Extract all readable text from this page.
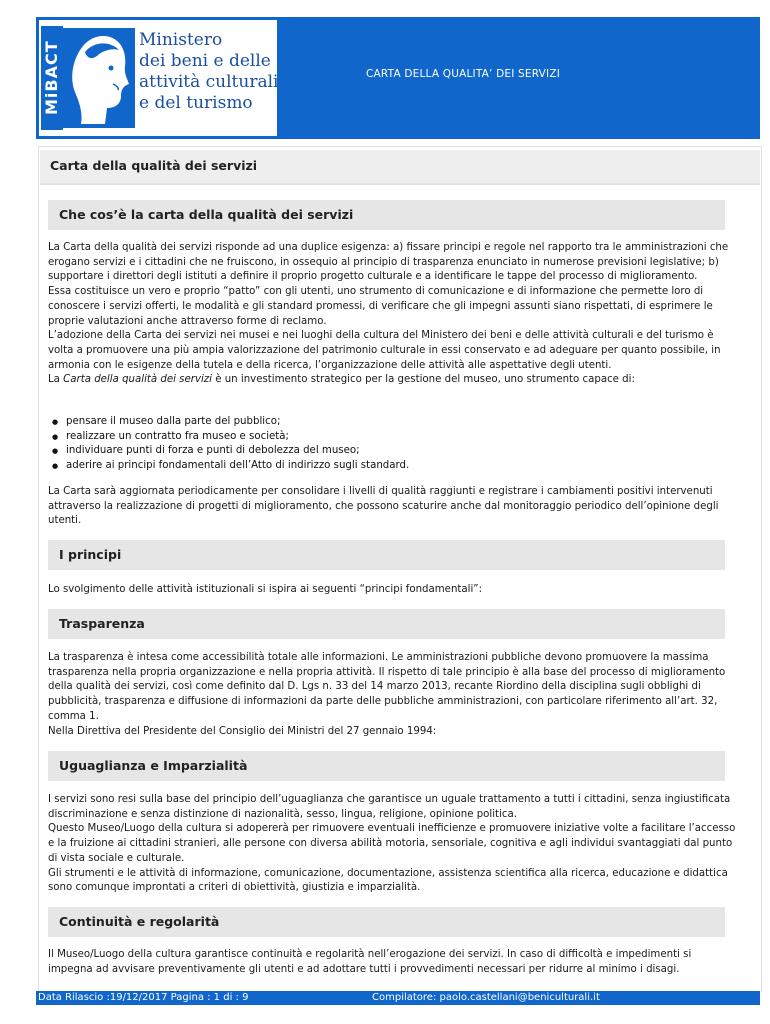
MiBACT
Ministero
dei beni e delle
attività culturali
e del turismo
CARTA DELLA QUALITA’ DEI SERVIZI
Carta della qualità dei servizi
Che cos’è la carta della qualità dei servizi

La Carta della qualità dei servizi risponde ad una duplice esigenza: a) fissare principi e regole nel rapporto tra le amministrazioni che erogano servizi e i cittadini che ne fruiscono, in ossequio al principio di trasparenza enunciato in numerose previsioni legislative; b) supportare i direttori degli istituti a definire il proprio progetto culturale e a identificare le tappe del processo di miglioramento.

Essa costituisce un vero e proprio “patto” con gli utenti, uno strumento di comunicazione e di informazione che permette loro di conoscere i servizi offerti, le modalità e gli standard promessi, di verificare che gli impegni assunti siano rispettati, di esprimere le proprie valutazioni anche attraverso forme di reclamo.

L’adozione della Carta dei servizi nei musei e nei luoghi della cultura del Ministero dei beni e delle attività culturali e del turismo è volta a promuovere una più ampia valorizzazione del patrimonio culturale in essi conservato e ad adeguare per quanto possibile, in armonia con le esigenze della tutela e della ricerca, l’organizzazione delle attività alle aspettative degli utenti.

La Carta della qualità dei servizi è un investimento strategico per la gestione del museo, uno strumento capace di:

● pensare il museo dalla parte del pubblico;
● realizzare un contratto fra museo e società;
● individuare punti di forza e punti di debolezza del museo;
● aderire ai principi fondamentali dell’Atto di indirizzo sugli standard.

La Carta sarà aggiornata periodicamente per consolidare i livelli di qualità raggiunti e registrare i cambiamenti positivi intervenuti attraverso la realizzazione di progetti di miglioramento, che possono scaturire anche dal monitoraggio periodico dell’opinione degli utenti.

I principi

Lo svolgimento delle attività istituzionali si ispira ai seguenti “principi fondamentali”:

Trasparenza

La trasparenza è intesa come accessibilità totale alle informazioni. Le amministrazioni pubbliche devono promuovere la massima trasparenza nella propria organizzazione e nella propria attività. Il rispetto di tale principio è alla base del processo di miglioramento della qualità dei servizi, così come definito dal D. Lgs n. 33 del 14 marzo 2013, recante Riordino della disciplina sugli obblighi di pubblicità, trasparenza e diffusione di informazioni da parte delle pubbliche amministrazioni, con particolare riferimento all’art. 32, comma 1.

Nella Direttiva del Presidente del Consiglio dei Ministri del 27 gennaio 1994:

Uguaglianza e Imparzialità

I servizi sono resi sulla base del principio dell’uguaglianza che garantisce un uguale trattamento a tutti i cittadini, senza ingiustificata discriminazione e senza distinzione di nazionalità, sesso, lingua, religione, opinione politica.

Questo Museo/Luogo della cultura si adopererà per rimuovere eventuali inefficienze e promuovere iniziative volte a facilitare l’accesso e la fruizione ai cittadini stranieri, alle persone con diversa abilità motoria, sensoriale, cognitiva e agli individui svantaggiati dal punto di vista sociale e culturale.

Gli strumenti e le attività di informazione, comunicazione, documentazione, assistenza scientifica alla ricerca, educazione e didattica sono comunque improntati a criteri di obiettività, giustizia e imparzialità.

Continuità e regolarità

Il Museo/Luogo della cultura garantisce continuità e regolarità nell’erogazione dei servizi. In caso di difficoltà e impedimenti si impegna ad avvisare preventivamente gli utenti e ad adottare tutti i provvedimenti necessari per ridurre al minimo i disagi.

Data Rilascio :19/12/2017 Pagina : 1 di : 9	Compilatore: paolo.castellani@beniculturali.it
